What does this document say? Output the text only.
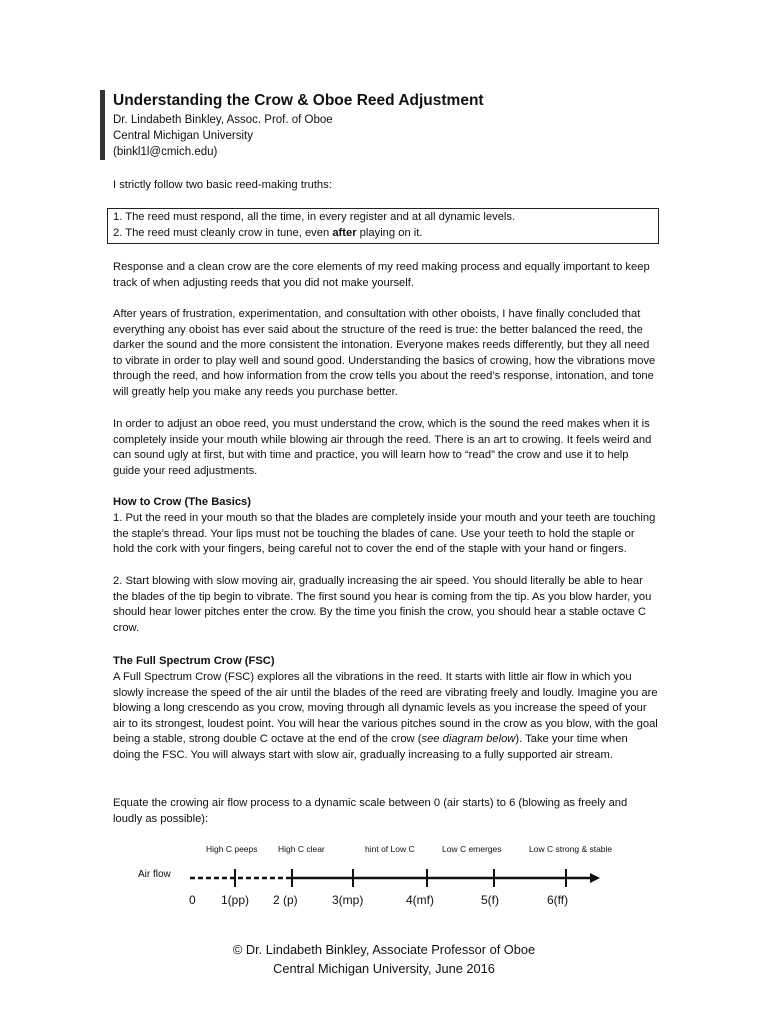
Understanding the Crow & Oboe Reed Adjustment

Dr. Lindabeth Binkley, Assoc. Prof. of Oboe

Central Michigan University

(binkl1l@cmich.edu)

I strictly follow two basic reed-making truths:

1. The reed must respond, all the time, in every register and at all dynamic levels.

2. The reed must cleanly crow in tune, even after playing on it.

Response and a clean crow are the core elements of my reed making process and equally important to keep track of when adjusting reeds that you did not make yourself.

After years of frustration, experimentation, and consultation with other oboists, I have finally concluded that everything any oboist has ever said about the structure of the reed is true: the better balanced the reed, the darker the sound and the more consistent the intonation. Everyone makes reeds differently, but they all need to vibrate in order to play well and sound good. Understanding the basics of crowing, how the vibrations move through the reed, and how information from the crow tells you about the reed’s response, intonation, and tone will greatly help you make any reeds you purchase better.

In order to adjust an oboe reed, you must understand the crow, which is the sound the reed makes when it is completely inside your mouth while blowing air through the reed. There is an art to crowing. It feels weird and can sound ugly at first, but with time and practice, you will learn how to “read” the crow and use it to help guide your reed adjustments.

How to Crow (The Basics)

1. Put the reed in your mouth so that the blades are completely inside your mouth and your teeth are touching the staple’s thread. Your lips must not be touching the blades of cane. Use your teeth to hold the staple or hold the cork with your fingers, being careful not to cover the end of the staple with your hand or fingers.

2. Start blowing with slow moving air, gradually increasing the air speed. You should literally be able to hear the blades of the tip begin to vibrate. The first sound you hear is coming from the tip. As you blow harder, you should hear lower pitches enter the crow. By the time you finish the crow, you should hear a stable octave C crow.

The Full Spectrum Crow (FSC)

A Full Spectrum Crow (FSC) explores all the vibrations in the reed. It starts with little air flow in which you slowly increase the speed of the air until the blades of the reed are vibrating freely and loudly. Imagine you are blowing a long crescendo as you crow, moving through all dynamic levels as you increase the speed of your air to its strongest, loudest point. You will hear the various pitches sound in the crow as you blow, with the goal being a stable, strong double C octave at the end of the crow (see diagram below). Take your time when doing the FSC. You will always start with slow air, gradually increasing to a fully supported air stream.

Equate the crowing air flow process to a dynamic scale between 0 (air starts) to 6 (blowing as freely and loudly as possible):

High C peeps High C clear	hint of Low C	Low C emerges	Low C strong & stable
Air flow
0 1(pp) 2 (p)	3(mp)	4(mf)	5(f)	6(ff)
© Dr. Lindabeth Binkley, Associate Professor of Oboe
Central Michigan University, June 2016
